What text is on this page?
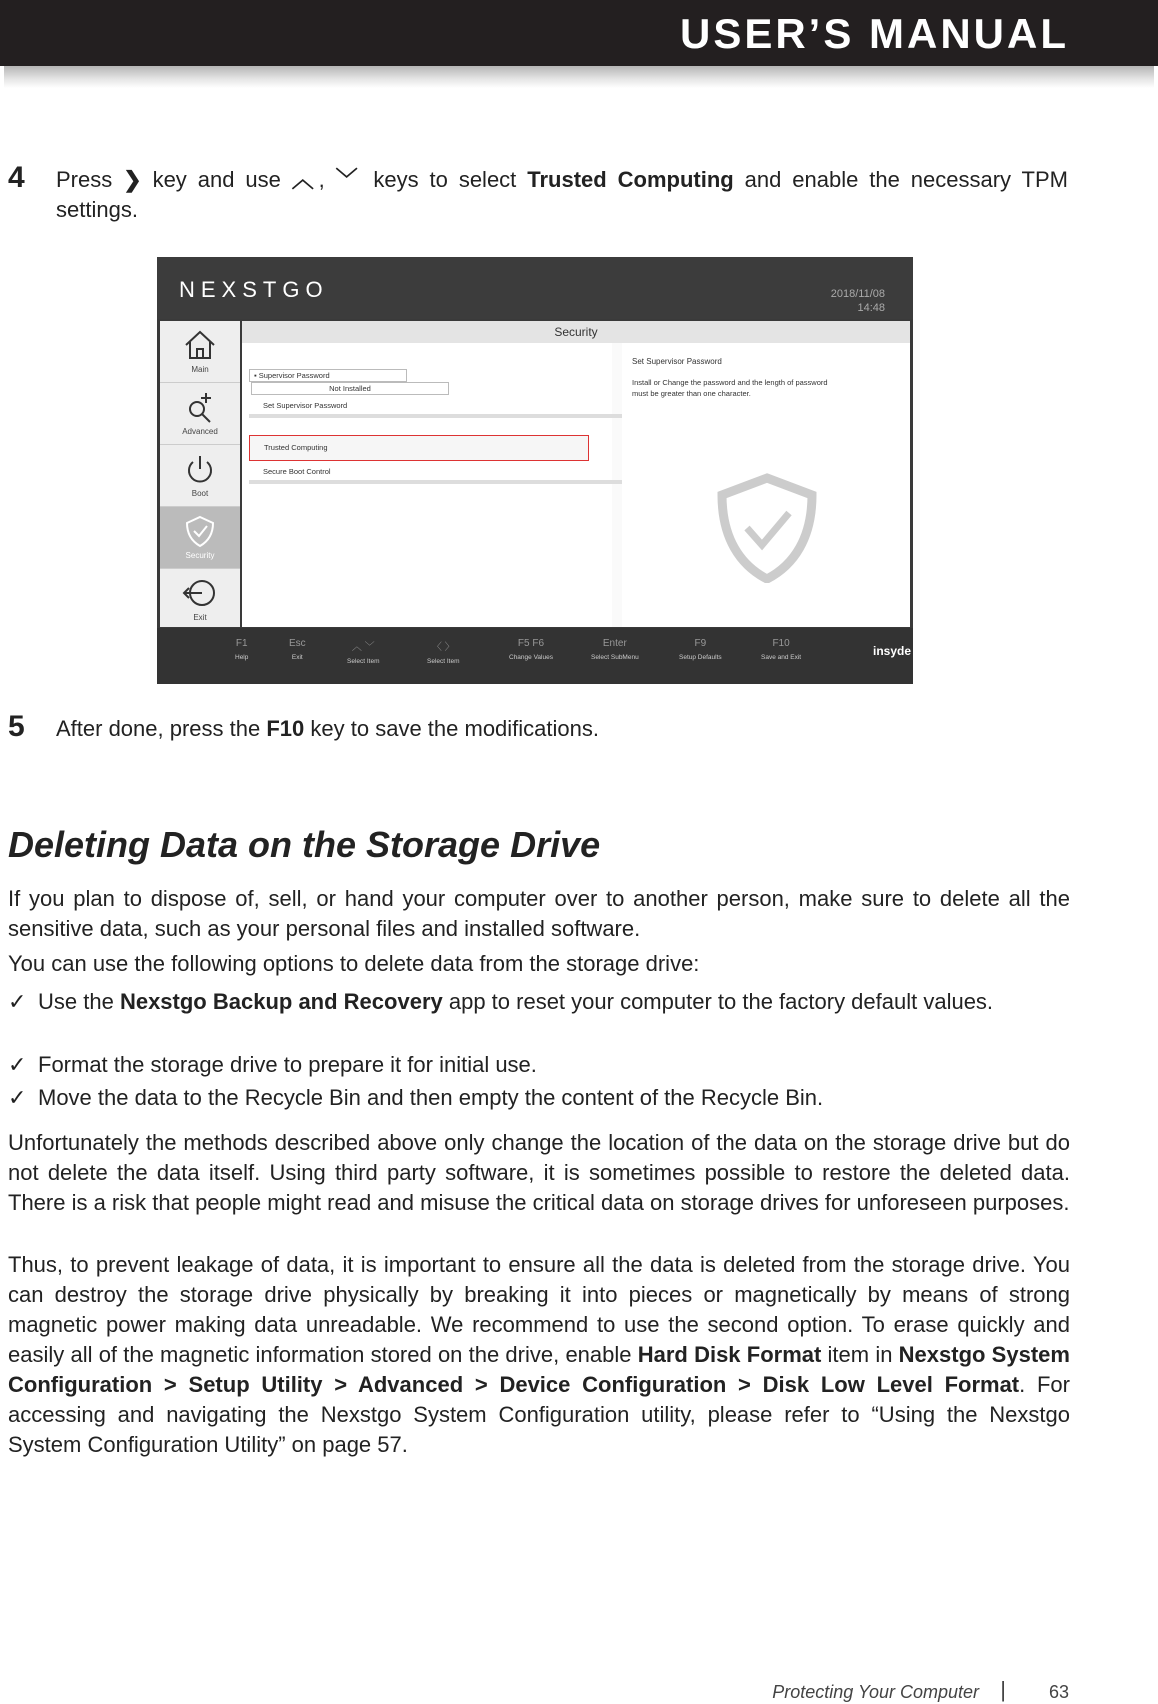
USER’S MANUAL
4 Press ❯ key and use ︿, ﹀ keys to select Trusted Computing and enable the necessary TPM settings.
NEXSTGO	2018/11/08
14:48
Main
Advanced
Boot
Security
Exit
Security
▪ Supervisor Password Not Installed
Set Supervisor Password
Trusted Computing
Secure Boot Control
Set Supervisor Password
Install or Change the password and the length of password must be greater than one character.
F1
Help
Esc
Exit
︿ ﹀
Select Item
〈 〉
Select Item
F5 F6
Change Values
Enter
Select SubMenu
F9
Setup Defaults
F10
Save and Exit	insyde
5 After done, press the F10 key to save the modifications.
Deleting Data on the Storage Drive
If you plan to dispose of, sell, or hand your computer over to another person, make sure to delete all the sensitive data, such as your personal files and installed software.
You can use the following options to delete data from the storage drive:
✓ Use the Nexstgo Backup and Recovery app to reset your computer to the factory default values.
✓ Format the storage drive to prepare it for initial use.
✓ Move the data to the Recycle Bin and then empty the content of the Recycle Bin.
Unfortunately the methods described above only change the location of the data on the storage drive but do not delete the data itself. Using third party software, it is sometimes possible to restore the deleted data. There is a risk that people might read and misuse the critical data on storage drives for unforeseen purposes.
Thus, to prevent leakage of data, it is important to ensure all the data is deleted from the storage drive. You can destroy the storage drive physically by breaking it into pieces or magnetically by means of strong magnetic power making data unreadable. We recommend to use the second option. To erase quickly and easily all of the magnetic information stored on the drive, enable Hard Disk Format item in Nexstgo System Configuration > Setup Utility > Advanced > Device Configuration > Disk Low Level Format. For accessing and navigating the Nexstgo System Configuration utility, please refer to “Using the Nexstgo System Configuration Utility” on page 57.
Protecting Your Computer | 63
